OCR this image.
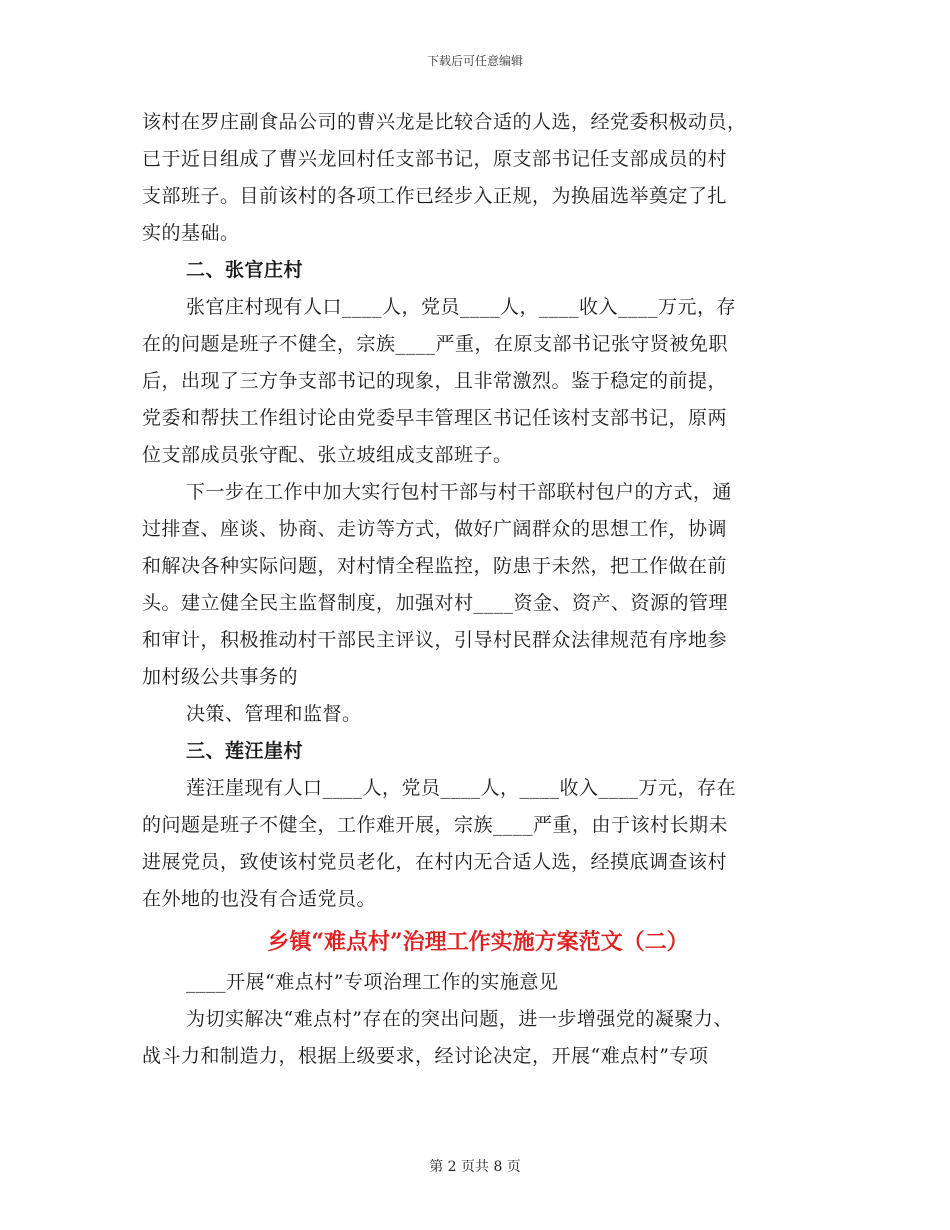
下载后可任意编辑
该村在罗庄副食品公司的曹兴龙是比较合适的人选，经党委积极动员，
已于近日组成了曹兴龙回村任支部书记，原支部书记任支部成员的村
支部班子。目前该村的各项工作已经步入正规，为换届选举奠定了扎
实的基础。
二、张官庄村
张官庄村现有人口____人，党员____人，____收入____万元，存
在的问题是班子不健全，宗族____严重，在原支部书记张守贤被免职
后，出现了三方争支部书记的现象，且非常激烈。鉴于稳定的前提，
党委和帮扶工作组讨论由党委早丰管理区书记任该村支部书记，原两
位支部成员张守配、张立坡组成支部班子。
下一步在工作中加大实行包村干部与村干部联村包户的方式，通
过排查、座谈、协商、走访等方式，做好广阔群众的思想工作，协调
和解决各种实际问题，对村情全程监控，防患于未然，把工作做在前
头。建立健全民主监督制度，加强对村____资金、资产、资源的管理
和审计，积极推动村干部民主评议，引导村民群众法律规范有序地参
加村级公共事务的
决策、管理和监督。
三、莲汪崖村
莲汪崖现有人口____人，党员____人，____收入____万元，存在
的问题是班子不健全，工作难开展，宗族____严重，由于该村长期未
进展党员，致使该村党员老化，在村内无合适人选，经摸底调查该村
在外地的也没有合适党员。
乡镇“难点村”治理工作实施方案范文（二）
____开展“难点村”专项治理工作的实施意见
为切实解决“难点村”存在的突出问题，进一步增强党的凝聚力、
战斗力和制造力，根据上级要求，经讨论决定，开展“难点村”专项
第 2 页共 8 页
